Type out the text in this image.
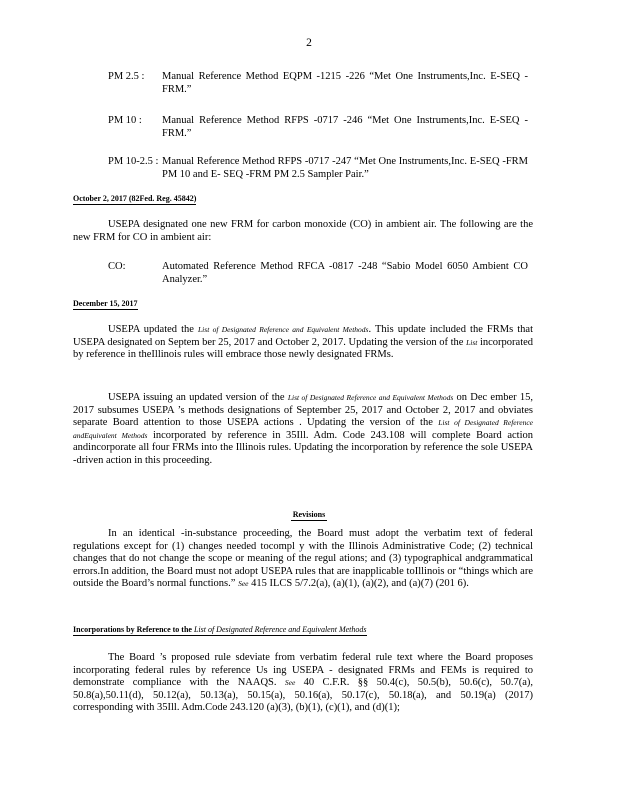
2
PM 2.5 :	Manual Reference Method EQPM -1215 -226 “Met One Instruments,Inc. E-SEQ -FRM.”
PM 10 :	Manual Reference Method RFPS -0717 -246 “Met One Instruments,Inc. E-SEQ -FRM.”
PM 10-2.5 : Manual Reference Method RFPS -0717 -247 “Met One Instruments,Inc. E-SEQ -FRM PM 10 and E- SEQ -FRM PM 2.5 Sampler Pair.”
October 2, 2017 (82Fed. Reg. 45842)
USEPA designated one new FRM for carbon monoxide (CO) in ambient air. The following are the new FRM for CO in ambient air:
CO:	Automated Reference Method RFCA -0817 -248 “Sabio Model 6050 Ambient CO Analyzer.”
December 15, 2017
USEPA updated the List of Designated Reference and Equivalent Methods. This update included the FRMs that USEPA designated on Septem ber 25, 2017 and October 2, 2017. Updating the version of the List incorporated by reference in theIllinois rules will embrace those newly designated FRMs.
USEPA issuing an updated version of the List of Designated Reference and Equivalent Methods on Dec ember 15, 2017 subsumes USEPA ’s methods designations of September 25, 2017 and October 2, 2017 and obviates separate Board attention to those USEPA actions . Updating the version of the List of Designated Reference andEquivalent Methods incorporated by reference in 35Ill. Adm. Code 243.108 will complete Board action andincorporate all four FRMs into the Illinois rules. Updating the incorporation by reference the sole USEPA -driven action in this proceeding.
Revisions
In an identical -in-substance proceeding, the Board must adopt the verbatim text of federal regulations except for (1) changes needed tocompl y with the Illinois Administrative Code; (2) technical changes that do not change the scope or meaning of the regul ations; and (3) typographical andgrammatical errors.In addition, the Board must not adopt USEPA rules that are inapplicable toIllinois or “things which are outside the Board’s normal functions.” See 415 ILCS 5/7.2(a), (a)(1), (a)(2), and (a)(7) (201 6).
Incorporations by Reference to the List of Designated Reference and Equivalent Methods
The Board ’s proposed rule sdeviate from verbatim federal rule text where the Board proposes incorporating federal rules by reference Us ing USEPA - designated FRMs and FEMs is required to demonstrate compliance with the NAAQS. See 40 C.F.R. §§ 50.4(c), 50.5(b), 50.6(c), 50.7(a), 50.8(a),50.11(d), 50.12(a), 50.13(a), 50.15(a), 50.16(a), 50.17(c), 50.18(a), and 50.19(a) (2017) corresponding with 35Ill. Adm.Code 243.120 (a)(3), (b)(1), (c)(1), and (d)(1);
